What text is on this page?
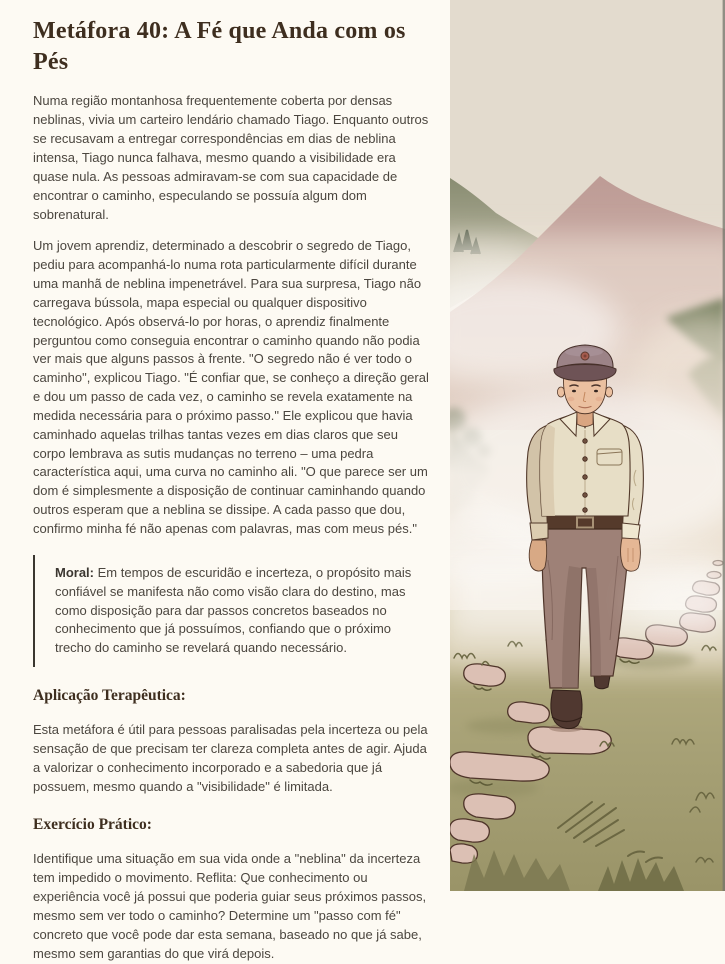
Metáfora 40: A Fé que Anda com os Pés

Numa região montanhosa frequentemente coberta por densas neblinas, vivia um carteiro lendário chamado Tiago. Enquanto outros se recusavam a entregar correspondências em dias de neblina intensa, Tiago nunca falhava, mesmo quando a visibilidade era quase nula. As pessoas admiravam-se com sua capacidade de encontrar o caminho, especulando se possuía algum dom sobrenatural.

Um jovem aprendiz, determinado a descobrir o segredo de Tiago, pediu para acompanhá-lo numa rota particularmente difícil durante uma manhã de neblina impenetrável. Para sua surpresa, Tiago não carregava bússola, mapa especial ou qualquer dispositivo tecnológico. Após observá-lo por horas, o aprendiz finalmente perguntou como conseguia encontrar o caminho quando não podia ver mais que alguns passos à frente. "O segredo não é ver todo o caminho", explicou Tiago. "É confiar que, se conheço a direção geral e dou um passo de cada vez, o caminho se revela exatamente na medida necessária para o próximo passo." Ele explicou que havia caminhado aquelas trilhas tantas vezes em dias claros que seu corpo lembrava as sutis mudanças no terreno – uma pedra característica aqui, uma curva no caminho ali. "O que parece ser um dom é simplesmente a disposição de continuar caminhando quando outros esperam que a neblina se dissipe. A cada passo que dou, confirmo minha fé não apenas com palavras, mas com meus pés."

Moral: Em tempos de escuridão e incerteza, o propósito mais confiável se manifesta não como visão clara do destino, mas como disposição para dar passos concretos baseados no conhecimento que já possuímos, confiando que o próximo trecho do caminho se revelará quando necessário.
Aplicação Terapêutica:

Esta metáfora é útil para pessoas paralisadas pela incerteza ou pela sensação de que precisam ter clareza completa antes de agir. Ajuda a valorizar o conhecimento incorporado e a sabedoria que já possuem, mesmo quando a "visibilidade" é limitada.

Exercício Prático:

Identifique uma situação em sua vida onde a "neblina" da incerteza tem impedido o movimento. Reflita: Que conhecimento ou experiência você já possui que poderia guiar seus próximos passos, mesmo sem ver todo o caminho? Determine um "passo com fé" concreto que você pode dar esta semana, baseado no que já sabe, mesmo sem garantias do que virá depois.
